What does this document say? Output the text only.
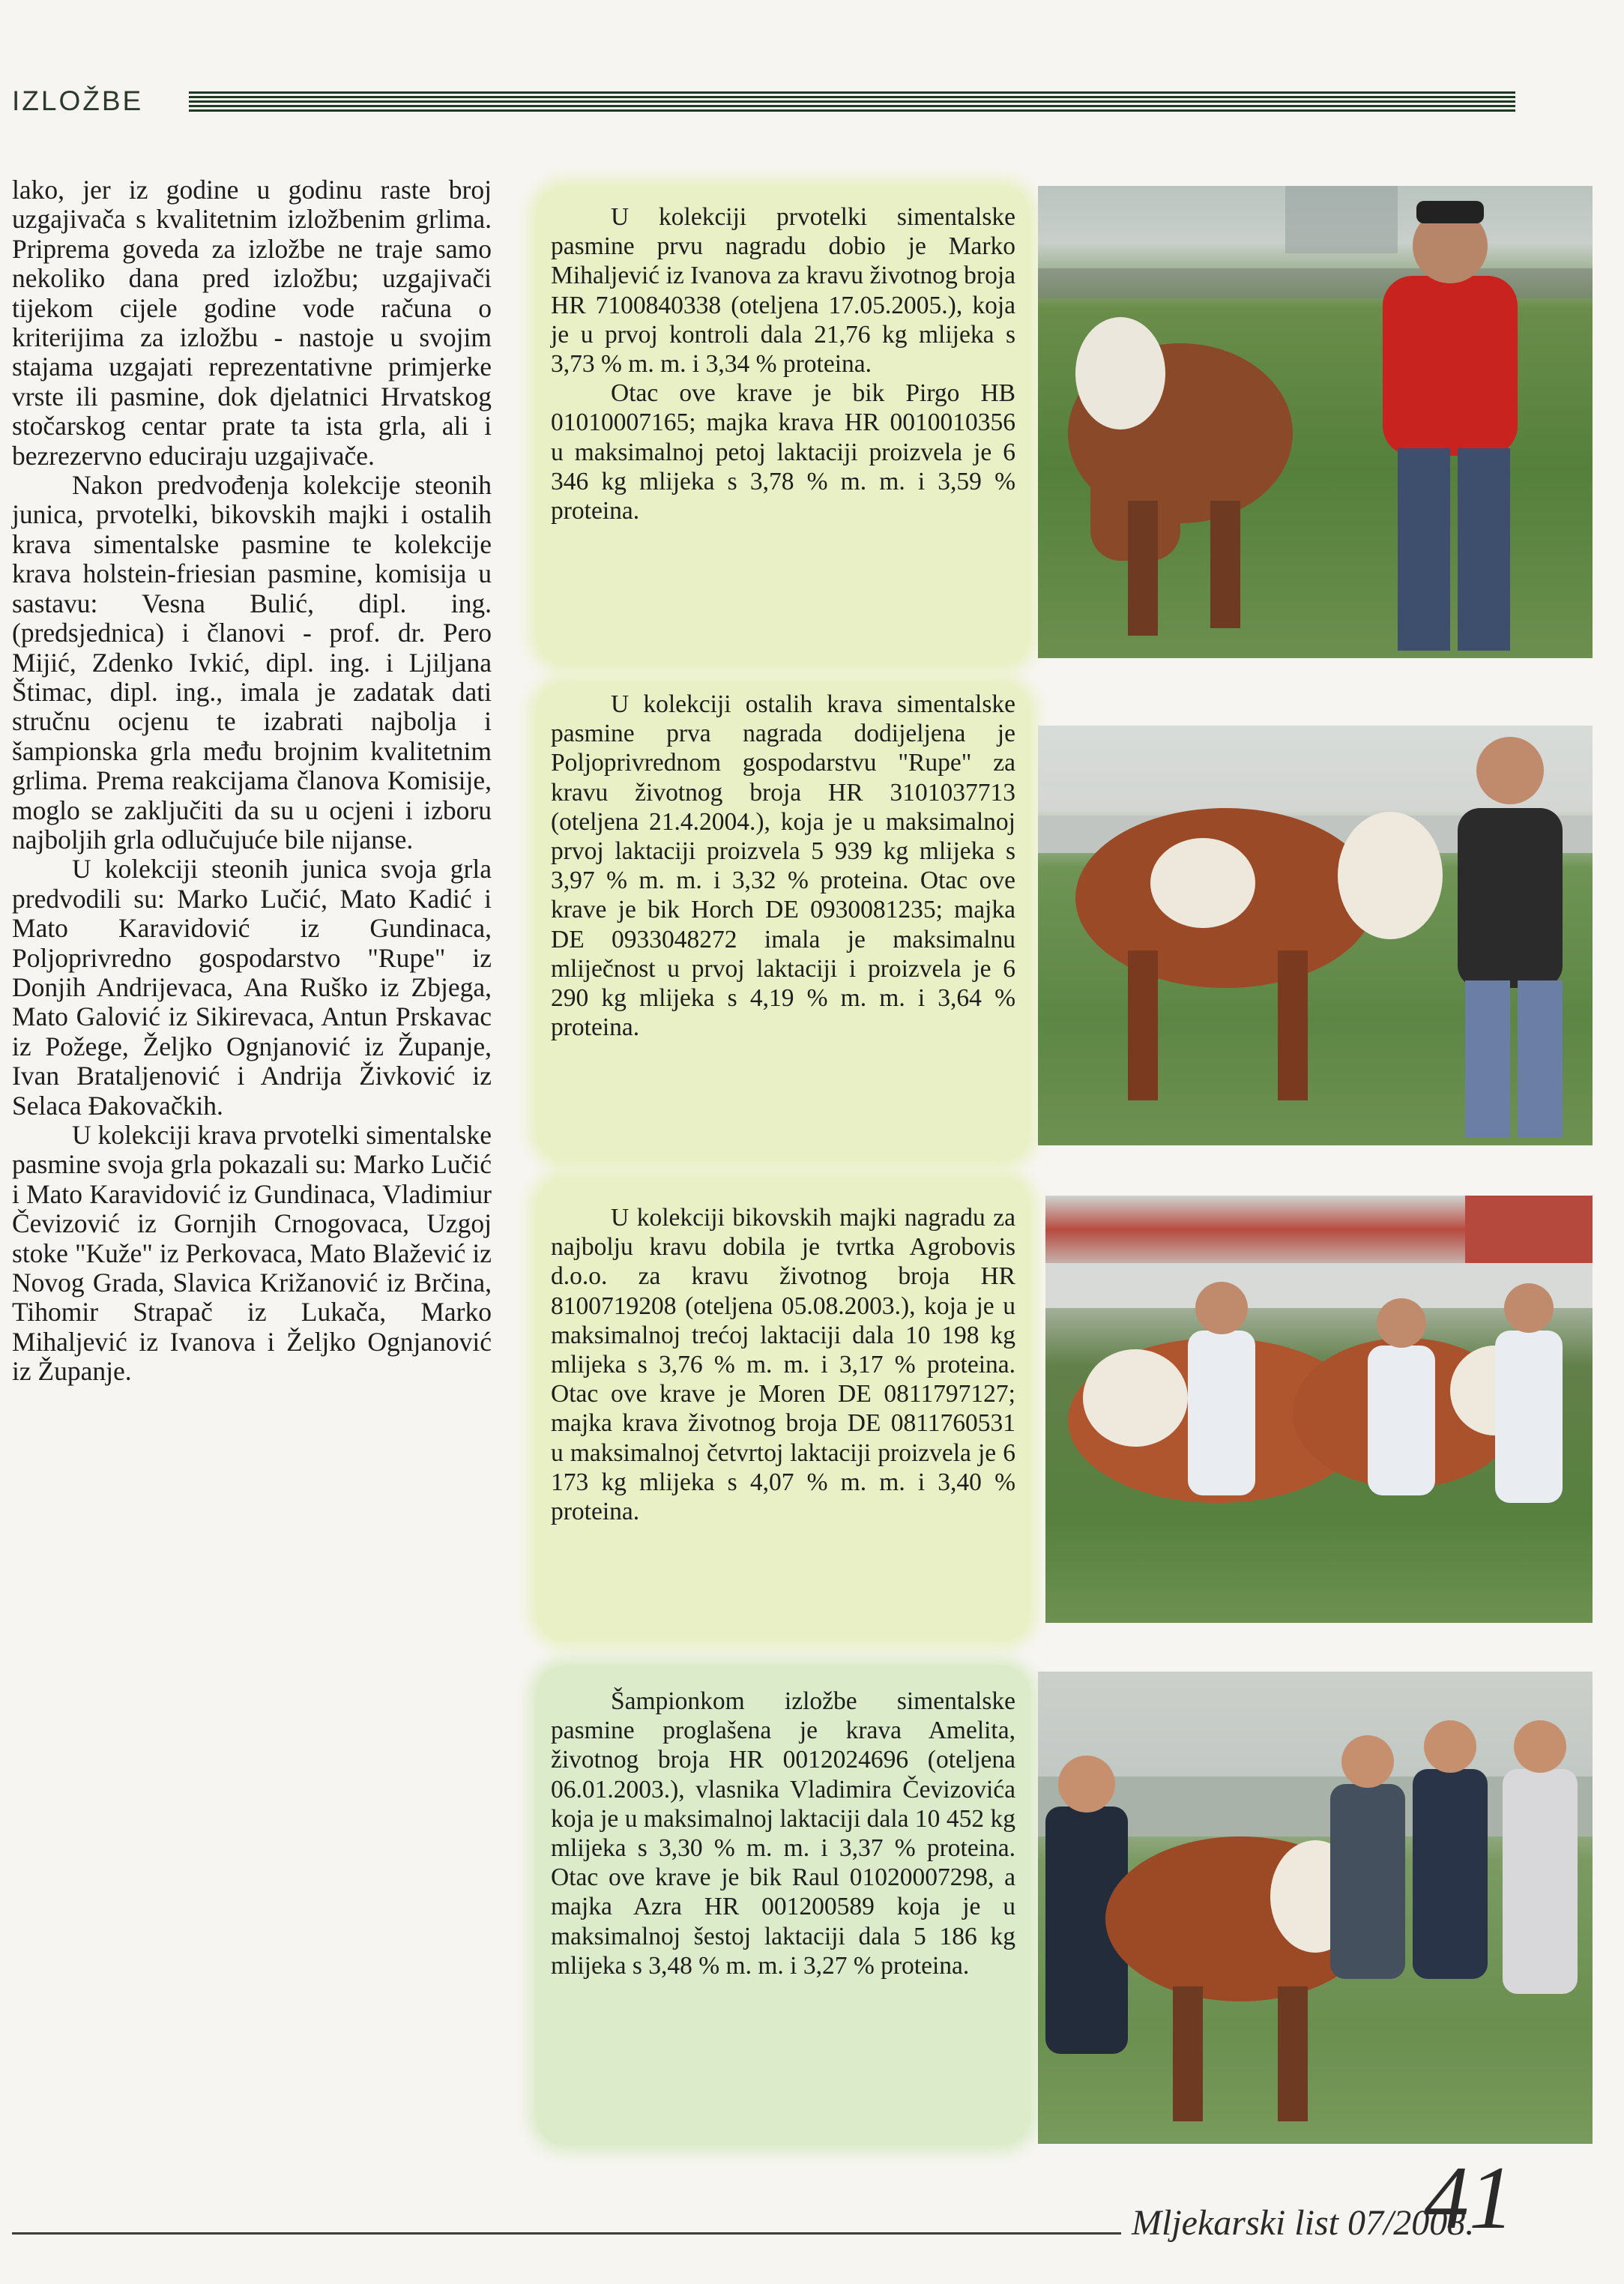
IZLOŽBE

lako, jer iz godine u godinu raste broj uzgajivača s kvalitetnim izložbenim grlima. Priprema goveda za izložbe ne traje samo nekoliko dana pred izložbu; uzgajivači tijekom cijele godine vode računa o kriterijima za izložbu - nastoje u svojim stajama uzgajati reprezentativne primjerke vrste ili pasmine, dok djelatnici Hrvatskog stočarskog centar prate ta ista grla, ali i bezrezervno educiraju uzgajivače.

Nakon predvođenja kolekcije steonih junica, prvotelki, bikovskih majki i ostalih krava simentalske pasmine te kolekcije krava holstein-friesian pasmine, komisija u sastavu: Vesna Bulić, dipl. ing. (predsjednica) i članovi - prof. dr. Pero Mijić, Zdenko Ivkić, dipl. ing. i Ljiljana Štimac, dipl. ing., imala je zadatak dati stručnu ocjenu te izabrati najbolja i šampionska grla među brojnim kvalitetnim grlima. Prema reakcijama članova Komisije, moglo se zaključiti da su u ocjeni i izboru najboljih grla odlučujuće bile nijanse.

U kolekciji steonih junica svoja grla predvodili su: Marko Lučić, Mato Kadić i Mato Karavidović iz Gundinaca, Poljoprivredno gospodarstvo "Rupe" iz Donjih Andrijevaca, Ana Ruško iz Zbjega, Mato Galović iz Sikirevaca, Antun Prskavac iz Požege, Željko Ognjanović iz Županje, Ivan Brataljenović i Andrija Živković iz Selaca Đakovačkih.

U kolekciji krava prvotelki simentalske pasmine svoja grla pokazali su: Marko Lučić i Mato Karavidović iz Gundinaca, Vladimiur Čevizović iz Gornjih Crnogovaca, Uzgoj stoke "Kuže" iz Perkovaca, Mato Blažević iz Novog Grada, Slavica Križanović iz Brčina, Tihomir Strapač iz Lukača, Marko Mihaljević iz Ivanova i Željko Ognjanović iz Županje.

U kolekciji prvotelki simentalske pasmine prvu nagradu dobio je Marko Mihaljević iz Ivanova za kravu životnog broja HR 7100840338 (oteljena 17.05.2005.), koja je u prvoj kontroli dala 21,76 kg mlijeka s 3,73 % m. m. i 3,34 % proteina.

Otac ove krave je bik Pirgo HB 01010007165; majka krava HR 0010010356 u maksimalnoj petoj laktaciji proizvela je 6 346 kg mlijeka s 3,78 % m. m. i 3,59 % proteina.

U kolekciji ostalih krava simentalske pasmine prva nagrada dodijeljena je Poljoprivrednom gospodarstvu "Rupe" za kravu životnog broja HR 3101037713 (oteljena 21.4.2004.), koja je u maksimalnoj prvoj laktaciji proizvela 5 939 kg mlijeka s 3,97 % m. m. i 3,32 % proteina. Otac ove krave je bik Horch DE 0930081235; majka DE 0933048272 imala je maksimalnu mliječnost u prvoj laktaciji i proizvela je 6 290 kg mlijeka s 4,19 % m. m. i 3,64 % proteina.

U kolekciji bikovskih majki nagradu za najbolju kravu dobila je tvrtka Agrobovis d.o.o. za kravu životnog broja HR 8100719208 (oteljena 05.08.2003.), koja je u maksimalnoj trećoj laktaciji dala 10 198 kg mlijeka s 3,76 % m. m. i 3,17 % proteina. Otac ove krave je Moren DE 0811797127; majka krava životnog broja DE 0811760531 u maksimalnoj četvrtoj laktaciji proizvela je 6 173 kg mlijeka s 4,07 % m. m. i 3,40 % proteina.

Šampionkom izložbe simentalske pasmine proglašena je krava Amelita, životnog broja HR 0012024696 (oteljena 06.01.2003.), vlasnika Vladimira Čevizovića koja je u maksimalnoj laktaciji dala 10 452 kg mlijeka s 3,30 % m. m. i 3,37 % proteina. Otac ove krave je bik Raul 01020007298, a majka Azra HR 001200589 koja je u maksimalnoj šestoj laktaciji dala 5 186 kg mlijeka s 3,48 % m. m. i 3,27 % proteina.

Mljekarski list 07/2008.
41
